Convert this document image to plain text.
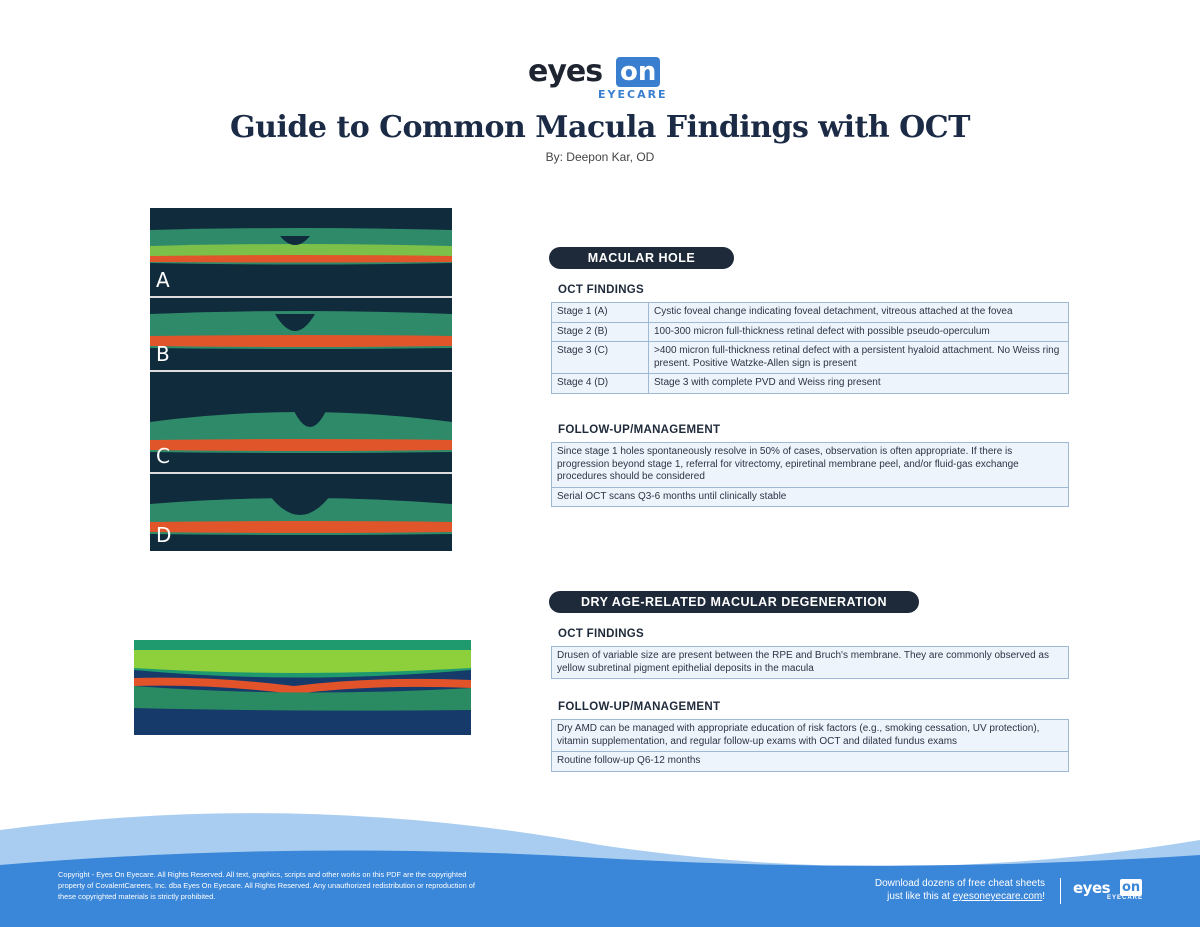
eyes on
EYECARE
Guide to Common Macula Findings with OCT
By: Deepon Kar, OD
A
B
C
D
MACULAR HOLE
OCT FINDINGS
Stage 1 (A)	Cystic foveal change indicating foveal detachment, vitreous attached at the fovea
Stage 2 (B)	100-300 micron full-thickness retinal defect with possible pseudo-operculum
Stage 3 (C)	>400 micron full-thickness retinal defect with a persistent hyaloid attachment. No Weiss ring present. Positive Watzke-Allen sign is present
Stage 4 (D)	Stage 3 with complete PVD and Weiss ring present
FOLLOW-UP/MANAGEMENT
Since stage 1 holes spontaneously resolve in 50% of cases, observation is often appropriate. If there is progression beyond stage 1, referral for vitrectomy, epiretinal membrane peel, and/or fluid-gas exchange procedures should be considered
Serial OCT scans Q3-6 months until clinically stable
DRY AGE-RELATED MACULAR DEGENERATION
OCT FINDINGS
Drusen of variable size are present between the RPE and Bruch's membrane. They are commonly observed as yellow subretinal pigment epithelial deposits in the macula
FOLLOW-UP/MANAGEMENT
Dry AMD can be managed with appropriate education of risk factors (e.g., smoking cessation, UV protection), vitamin supplementation, and regular follow-up exams with OCT and dilated fundus exams
Routine follow-up Q6-12 months
Copyright - Eyes On Eyecare. All Rights Reserved. All text, graphics, scripts and other works on this PDF are the copyrighted property of CovalentCareers, Inc. dba Eyes On Eyecare. All Rights Reserved. Any unauthorized redistribution or reproduction of these copyrighted materials is strictly prohibited.
Download dozens of free cheat sheets
just like this at eyesoneyecare.com! eyes on
EYECARE
